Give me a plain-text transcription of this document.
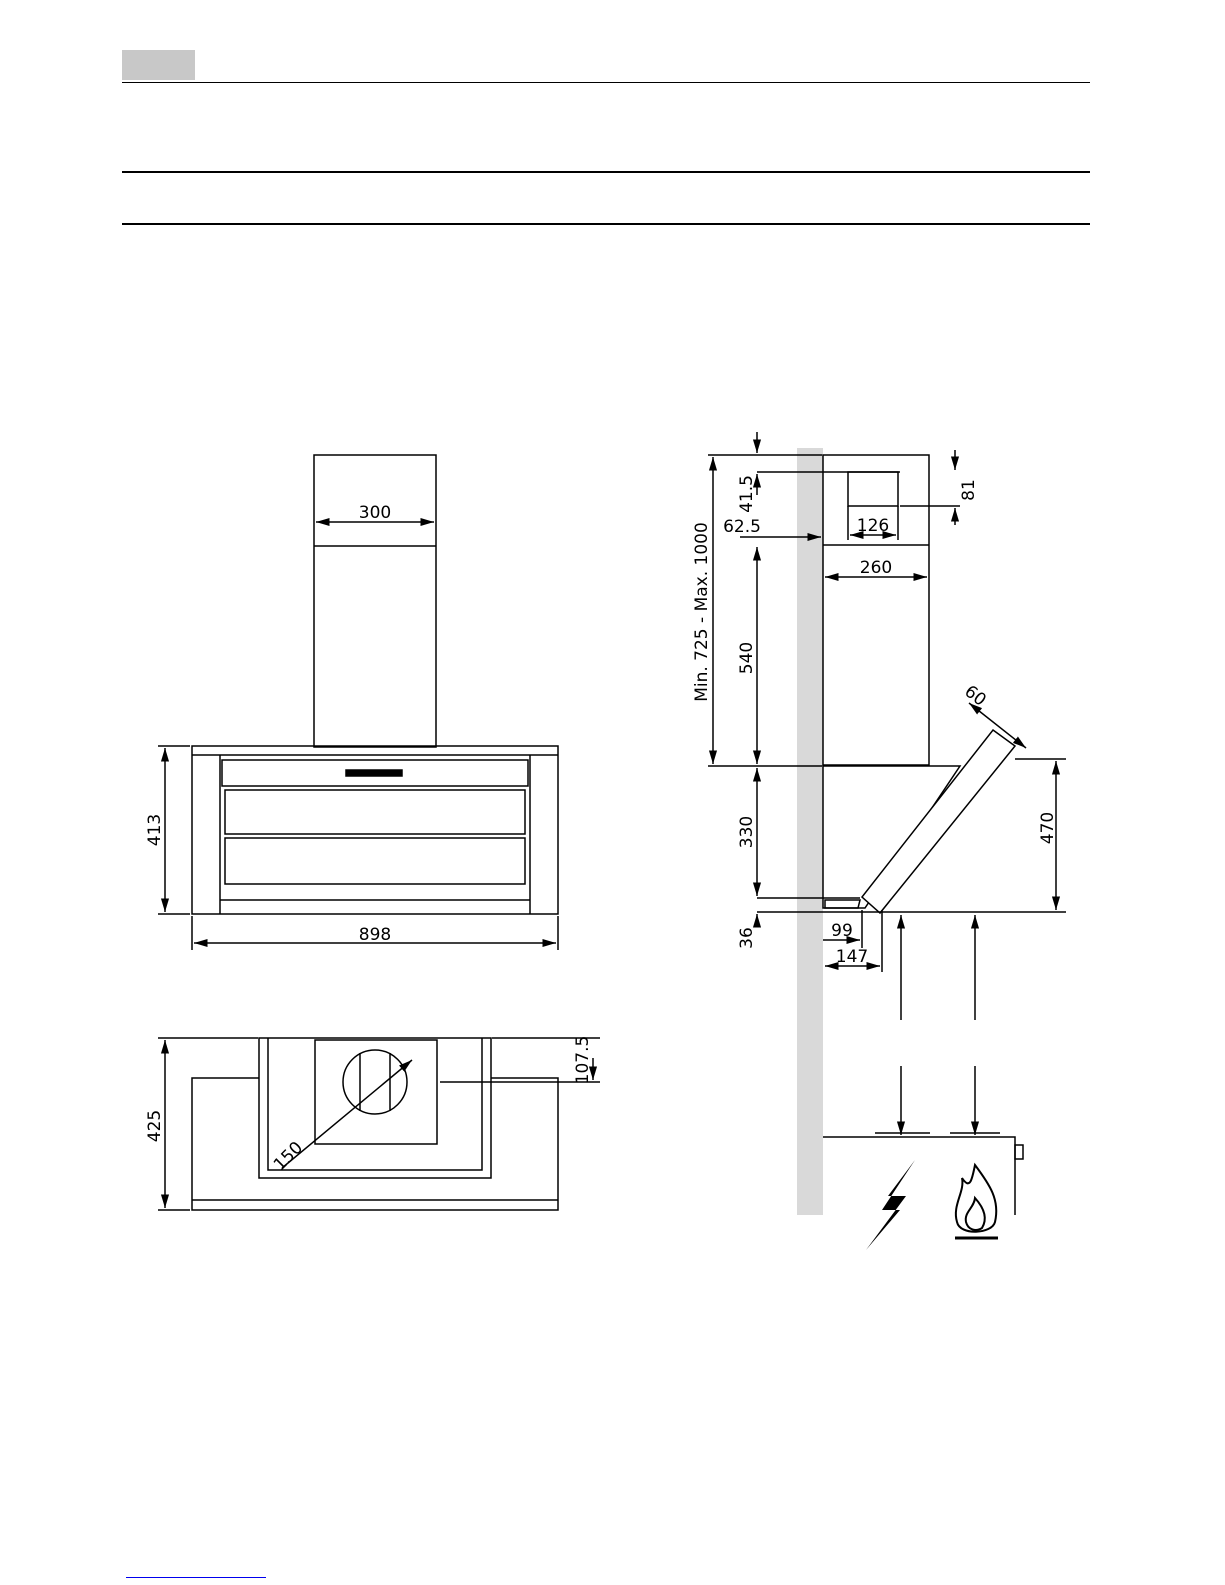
300
413
898
425
107.5
150
Min. 725 - Max. 1000
41.5	81
62.5	126
260
540
60
330	470
36	99
147
